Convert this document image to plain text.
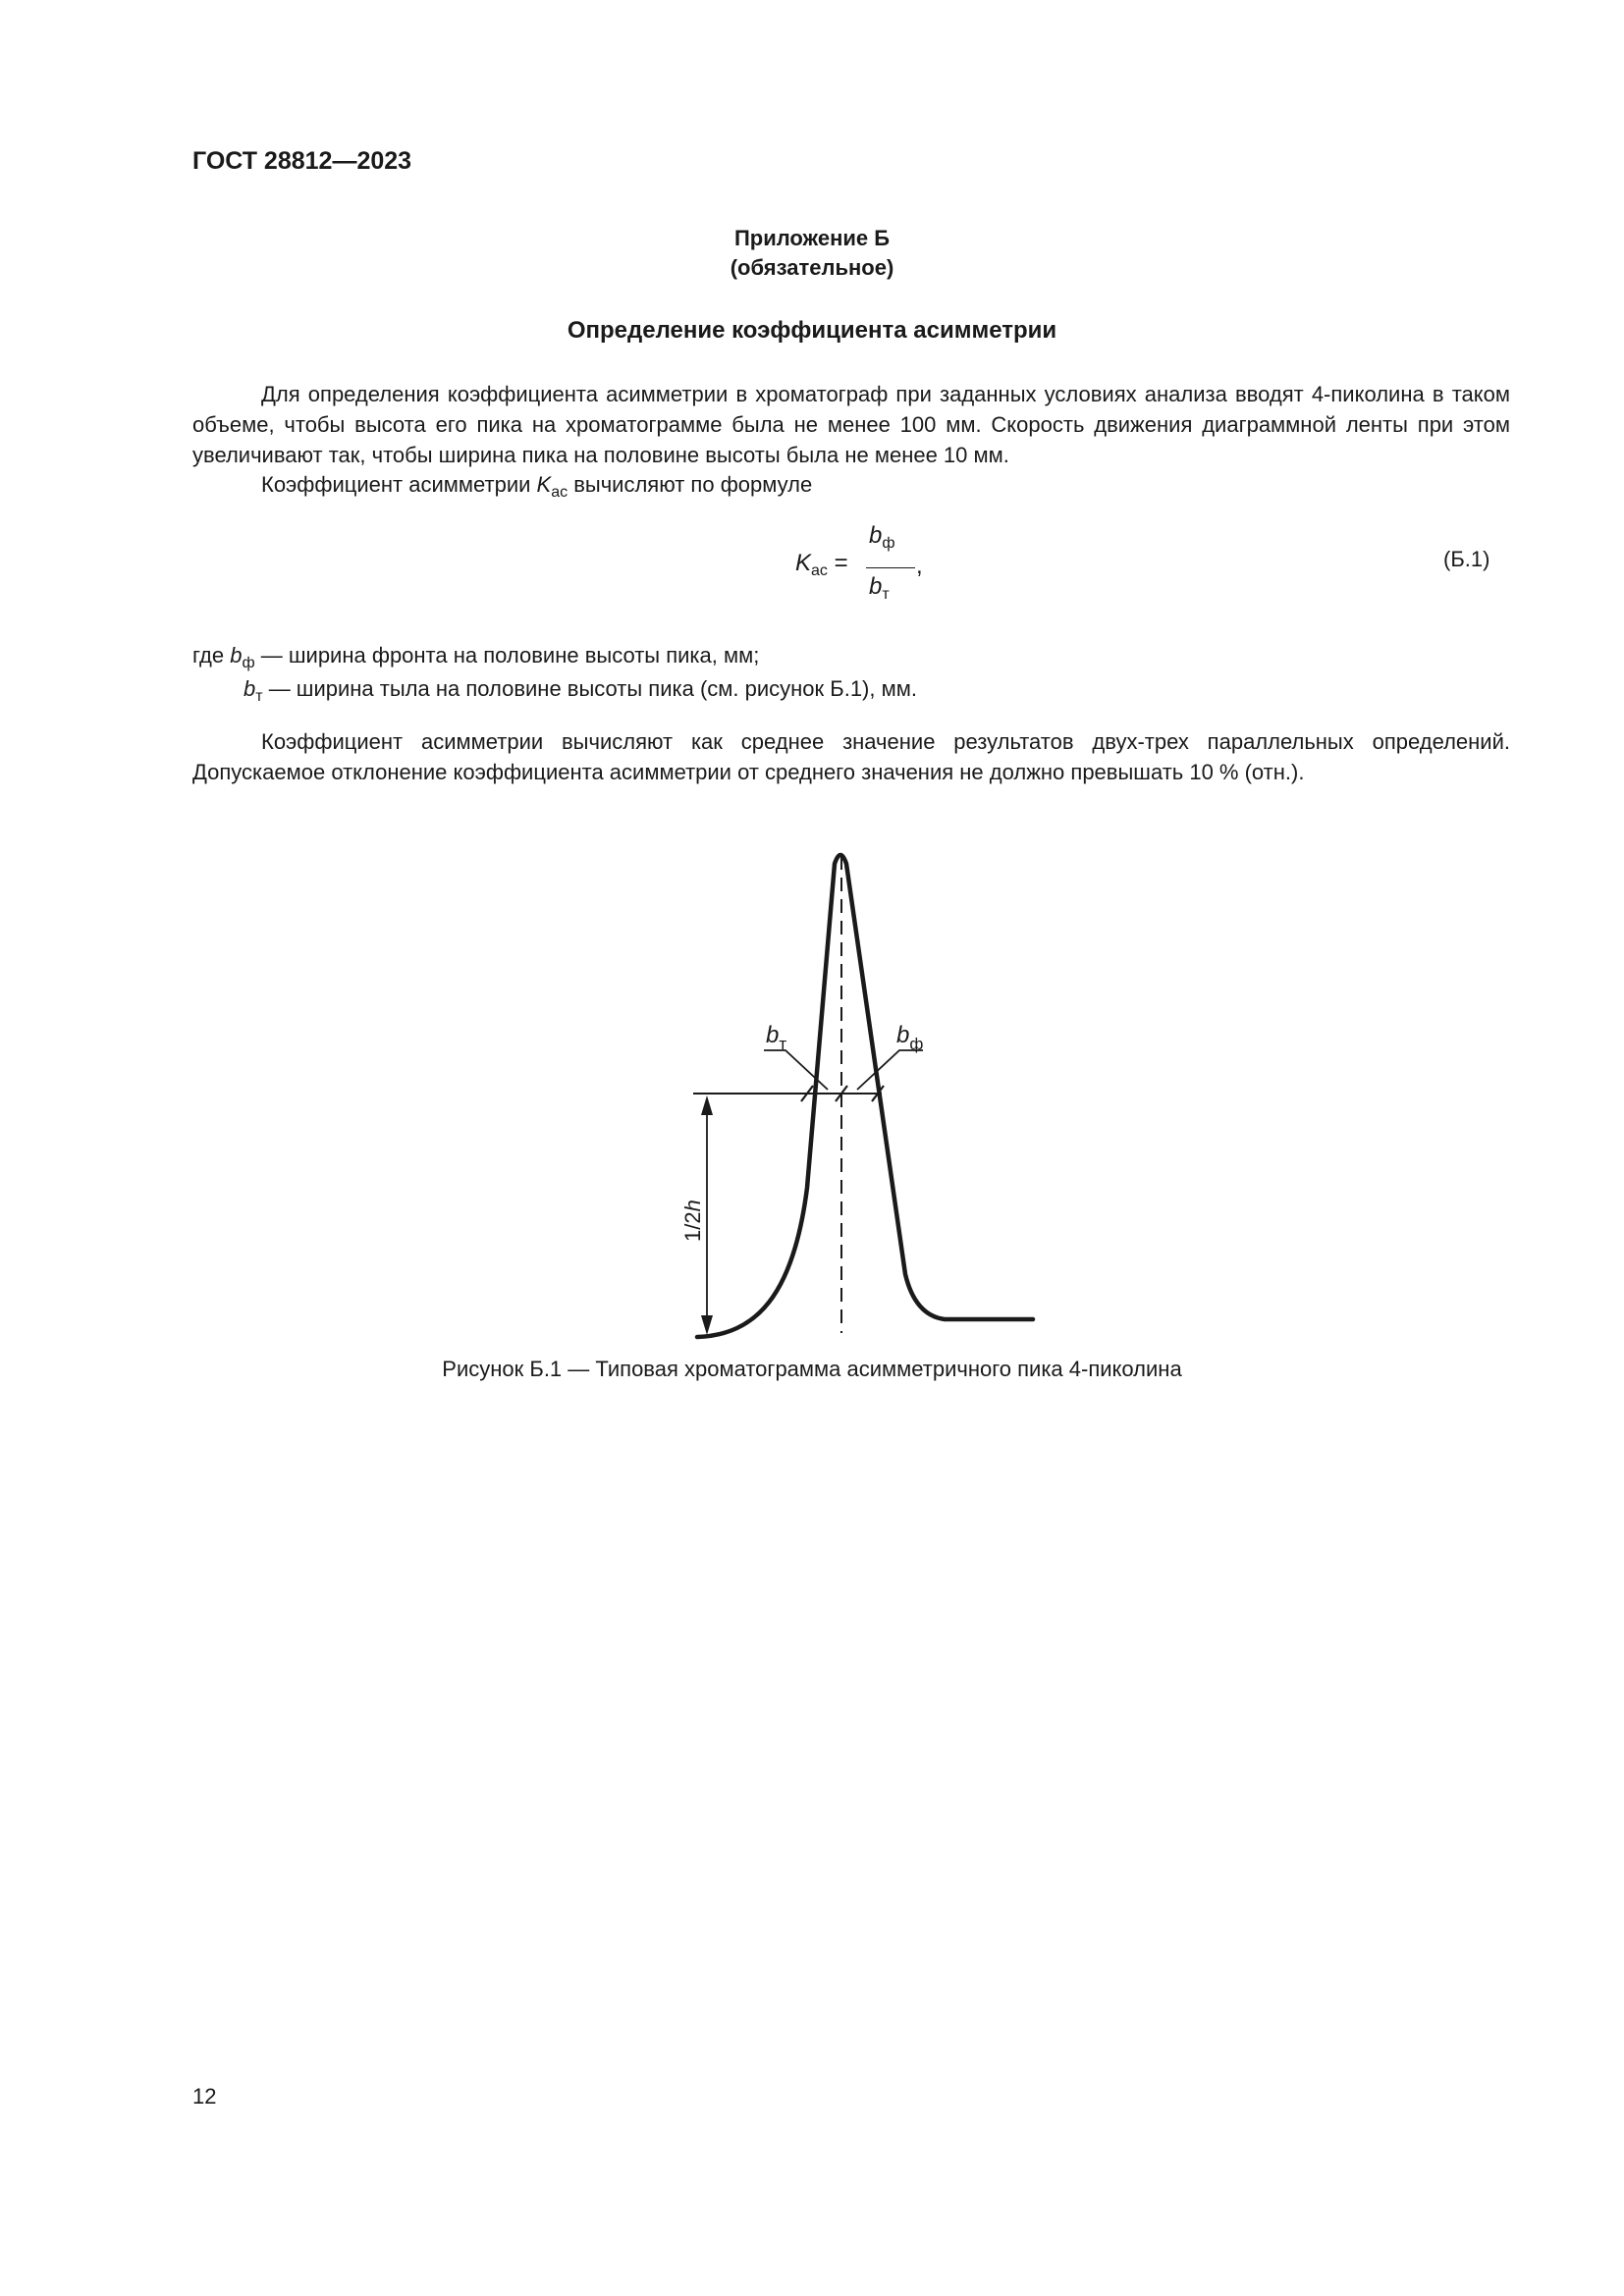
ГОСТ 28812—2023
Приложение Б
(обязательное)
Определение коэффициента асимметрии
Для определения коэффициента асимметрии в хроматограф при заданных условиях анализа вводят 4-пиколина в таком объеме, чтобы высота его пика на хроматограмме была не менее 100 мм. Скорость движения диаграммной ленты при этом увеличивают так, чтобы ширина пика на половине высоты была не менее 10 мм.
Коэффициент асимметрии $K_{ас}$ вычисляют по формуле
$K_{ас}$ =
$b_ф$
$b_т$
,	(Б.1)
где $b_ф$ — ширина фронта на половине высоты пика, мм;
$b_т$ — ширина тыла на половине высоты пика (см. рисунок Б.1), мм.
Коэффициент асимметрии вычисляют как среднее значение результатов двух-трех параллельных определений. Допускаемое отклонение коэффициента асимметрии от среднего значения не должно превышать 10 % (отн.).
$b_т$	$b_ф$
1/2h
Рисунок Б.1 — Типовая хроматограмма асимметричного пика 4-пиколина
12
